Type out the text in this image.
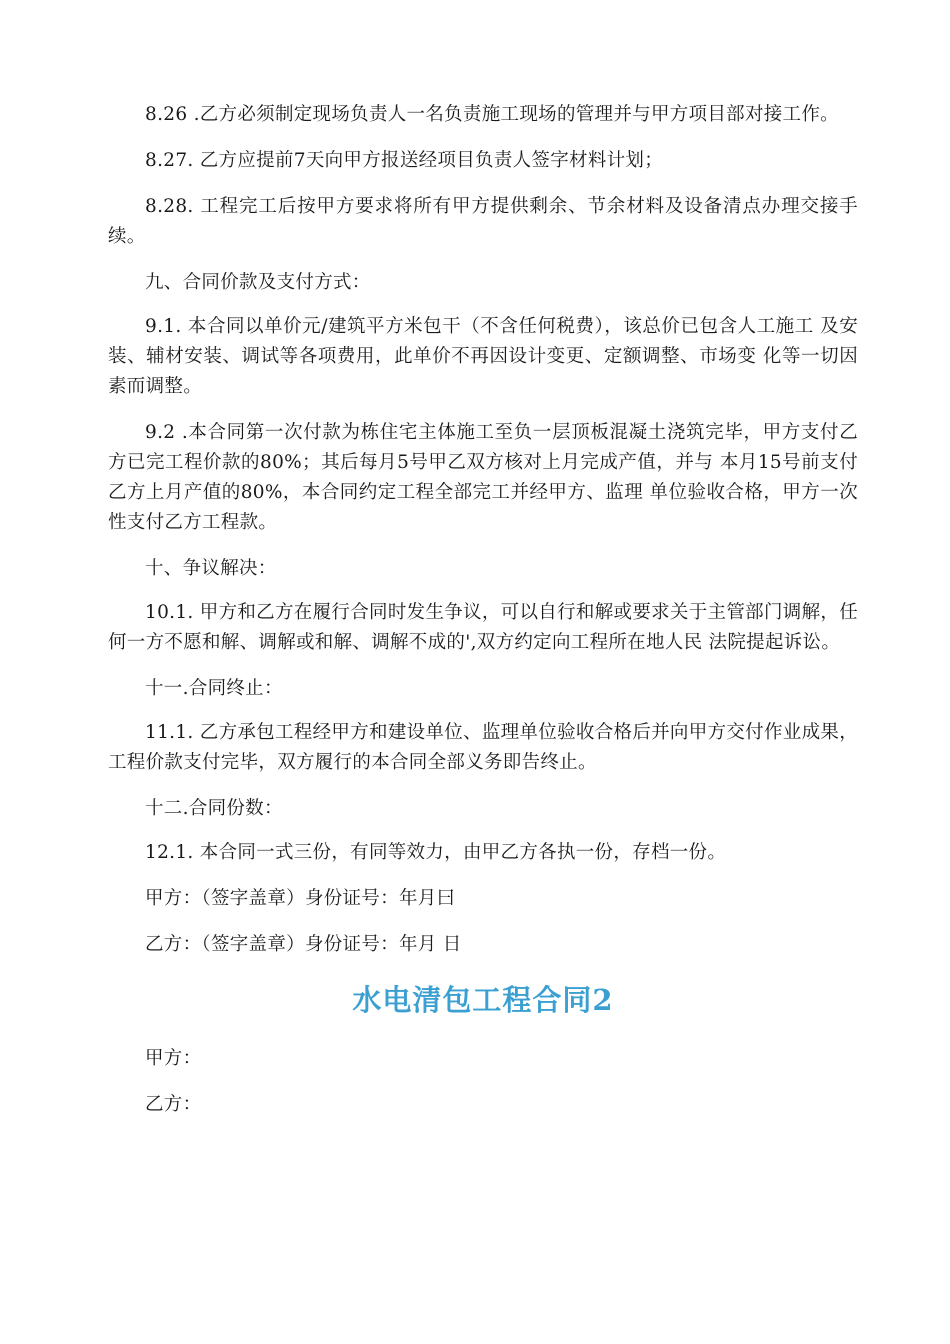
8.26 .乙方必须制定现场负责人一名负责施工现场的管理并与甲方项目部对接工作。

8.27. 乙方应提前7天向甲方报送经项目负责人签字材料计划；

8.28. 工程完工后按甲方要求将所有甲方提供剩余、节余材料及设备清点办理交接手续。

九、合同价款及支付方式：

9.1. 本合同以单价元/建筑平方米包干（不含任何税费），该总价已包含人工施工 及安装、辅材安装、调试等各项费用，此单价不再因设计变更、定额调整、市场变 化等一切因素而调整。

9.2 .本合同第一次付款为栋住宅主体施工至负一层顶板混凝土浇筑完毕，甲方支付乙方已完工程价款的80%；其后每月5号甲乙双方核对上月完成产值，并与 本月15号前支付乙方上月产值的80%，本合同约定工程全部完工并经甲方、监理 单位验收合格，甲方一次性支付乙方工程款。

十、争议解决：

10.1. 甲方和乙方在履行合同时发生争议，可以自行和解或要求关于主管部门调解，任何一方不愿和解、调解或和解、调解不成的',双方约定向工程所在地人民 法院提起诉讼。

十一.合同终止：

11.1. 乙方承包工程经甲方和建设单位、监理单位验收合格后并向甲方交付作业成果，工程价款支付完毕，双方履行的本合同全部义务即告终止。

十二.合同份数：

12.1. 本合同一式三份，有同等效力，由甲乙方各执一份，存档一份。

甲方：（签字盖章）身份证号：年月曰

乙方：（签字盖章）身份证号：年月 日

水电清包工程合同2

甲方：

乙方：
